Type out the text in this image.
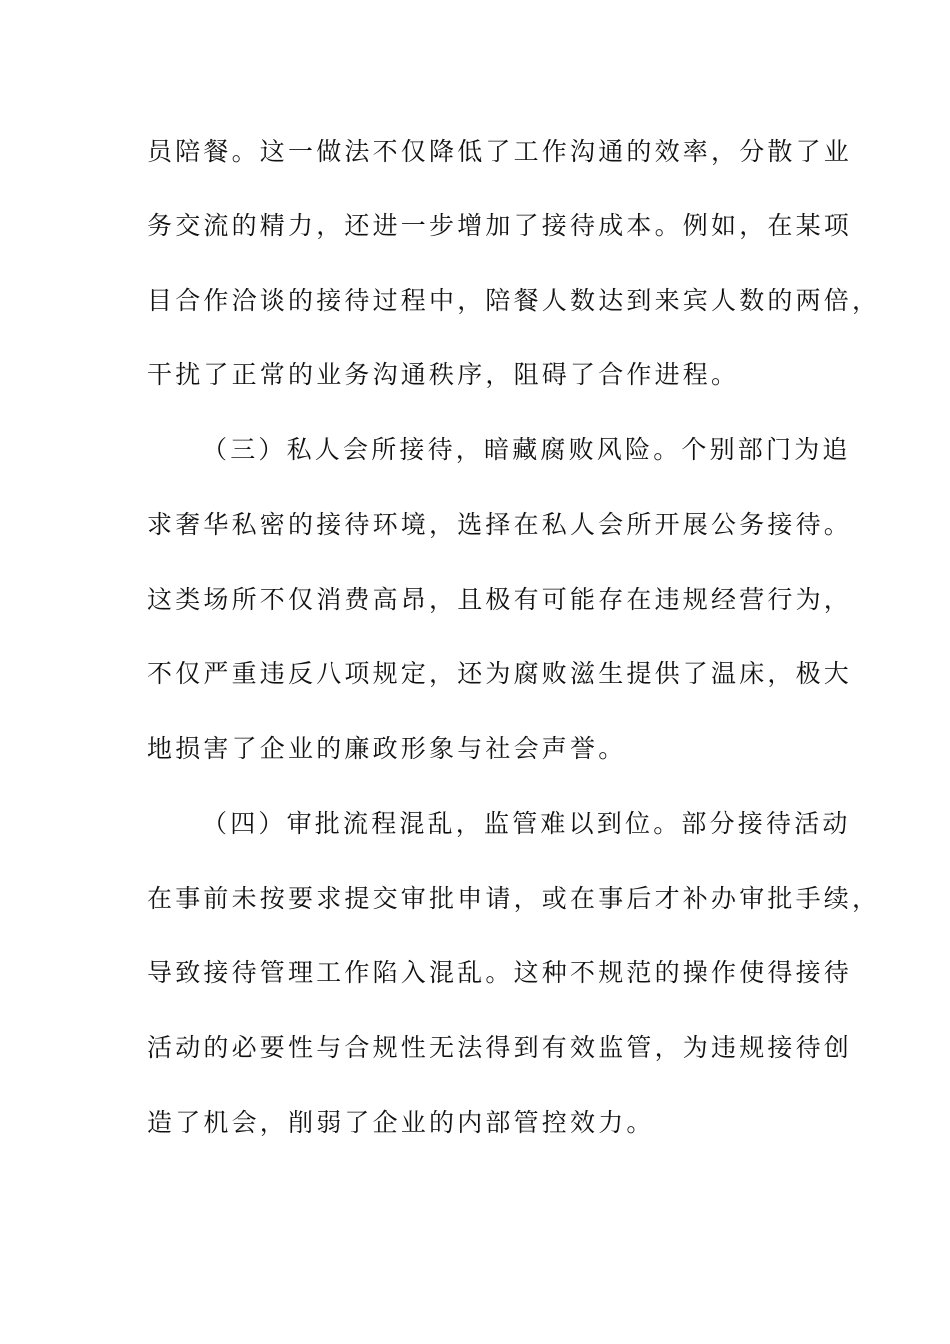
员陪餐。这一做法不仅降低了工作沟通的效率，分散了业
务交流的精力，还进一步增加了接待成本。例如，在某项
目合作洽谈的接待过程中，陪餐人数达到来宾人数的两倍，
干扰了正常的业务沟通秩序，阻碍了合作进程。
（三）私人会所接待，暗藏腐败风险。个别部门为追
求奢华私密的接待环境，选择在私人会所开展公务接待。
这类场所不仅消费高昂，且极有可能存在违规经营行为，
不仅严重违反八项规定，还为腐败滋生提供了温床，极大
地损害了企业的廉政形象与社会声誉。
（四）审批流程混乱，监管难以到位。部分接待活动
在事前未按要求提交审批申请，或在事后才补办审批手续，
导致接待管理工作陷入混乱。这种不规范的操作使得接待
活动的必要性与合规性无法得到有效监管，为违规接待创
造了机会，削弱了企业的内部管控效力。
